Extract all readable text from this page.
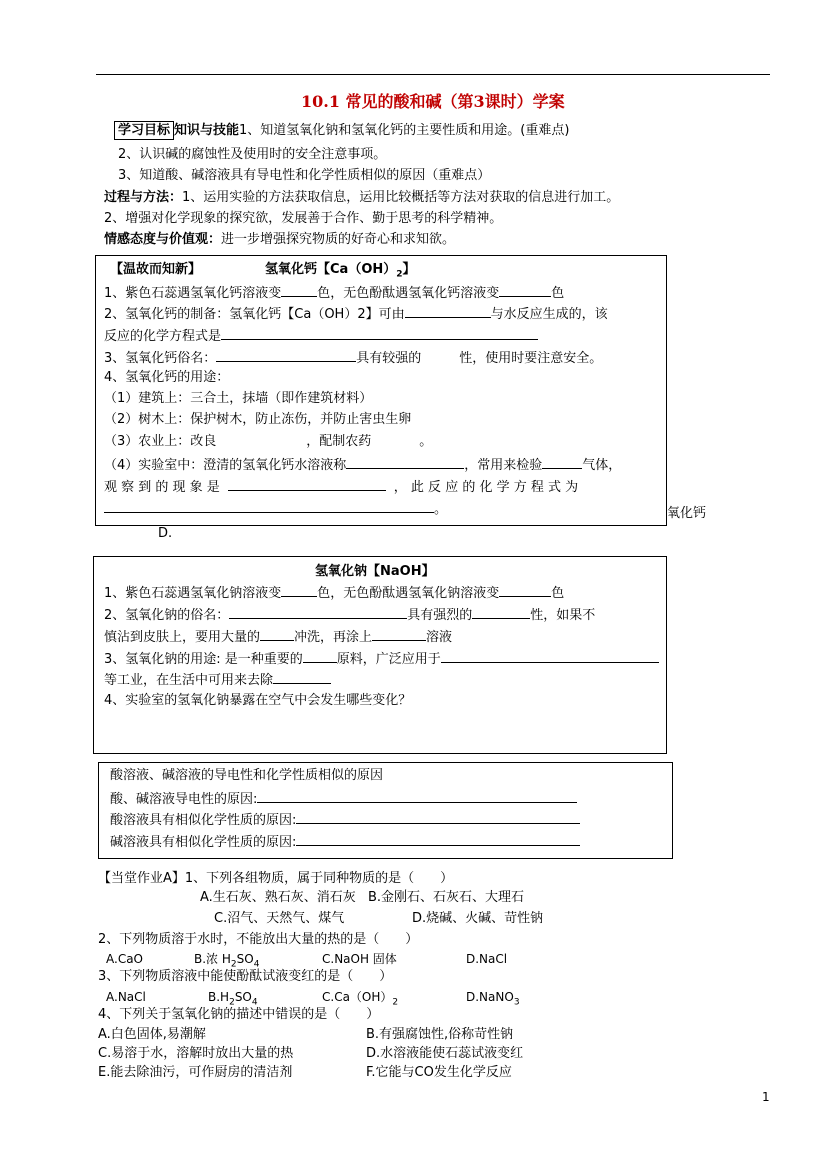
10.1 常见的酸和碱（第3课时）学案
学习目标 知识与技能1、知道氢氧化钠和氢氧化钙的主要性质和用途。(重难点)
2、认识碱的腐蚀性及使用时的安全注意事项。
3、知道酸、碱溶液具有导电性和化学性质相似的原因（重难点）
过程与方法：1、运用实验的方法获取信息，运用比较概括等方法对获取的信息进行加工。
2、增强对化学现象的探究欲，发展善于合作、勤于思考的科学精神。
情感态度与价值观：进一步增强探究物质的好奇心和求知欲。
【温故而知新】	氢氧化钙【$Ca(OH)_2$】
1、紫色石蕊遇氢氧化钙溶液变	色，无色酚酞遇氢氧化钙溶液变	色
2、氢氧化钙的制备：氢氧化钙【Ca（OH）2】可由	与水反应生成的，该
反应的化学方程式是
3、氢氧化钙俗名：	具有较强的	性，使用时要注意安全。
4、氢氧化钙的用途：
（1）建筑上：三合土，抹墙（即作建筑材料）
（2）树木上：保护树木，防止冻伤，并防止害虫生卵
（3）农业上：改良	，配制农药	。
（4）实验室中：澄清的氢氧化钙水溶液称	，常用来检验	气体，
观 察 到 的 现 象 是	， 此 反 应 的 化 学 方 程 式 为
。	氧化钙
D.
氢氧化钠【NaOH】
1、紫色石蕊遇氢氧化钠溶液变	色，无色酚酞遇氢氧化钠溶液变	色
2、氢氧化钠的俗名：	具有强烈的	性，如果不
慎沾到皮肤上，要用大量的	冲洗，再涂上	溶液
3、氢氧化钠的用途: 是一种重要的	原料，广泛应用于
等工业，在生活中可用来去除
4、实验室的氢氧化钠暴露在空气中会发生哪些变化？
酸溶液、碱溶液的导电性和化学性质相似的原因
酸、碱溶液导电性的原因:
酸溶液具有相似化学性质的原因:
碱溶液具有相似化学性质的原因:
【当堂作业A】1、下列各组物质，属于同种物质的是（　　）
A.生石灰、熟石灰、消石灰 B.金刚石、石灰石、大理石
C.沼气、天然气、煤气	D.烧碱、火碱、苛性钠
2、下列物质溶于水时，不能放出大量的热的是（　　）
A.CaO	B.浓 $H_2SO_4$	C.NaOH 固体	D.NaCl
3、下列物质溶液中能使酚酞试液变红的是（　　）
A.NaCl	$B.H_2SO_4$	$C.Ca(OH)_2$	D.NaNO$_3$
4、下列关于氢氧化钠的描述中错误的是（　　）
A.白色固体,易潮解	B.有强腐蚀性,俗称苛性钠
C.易溶于水，溶解时放出大量的热	D.水溶液能使石蕊试液变红
E.能去除油污，可作厨房的清洁剂	F.它能与CO发生化学反应
1
